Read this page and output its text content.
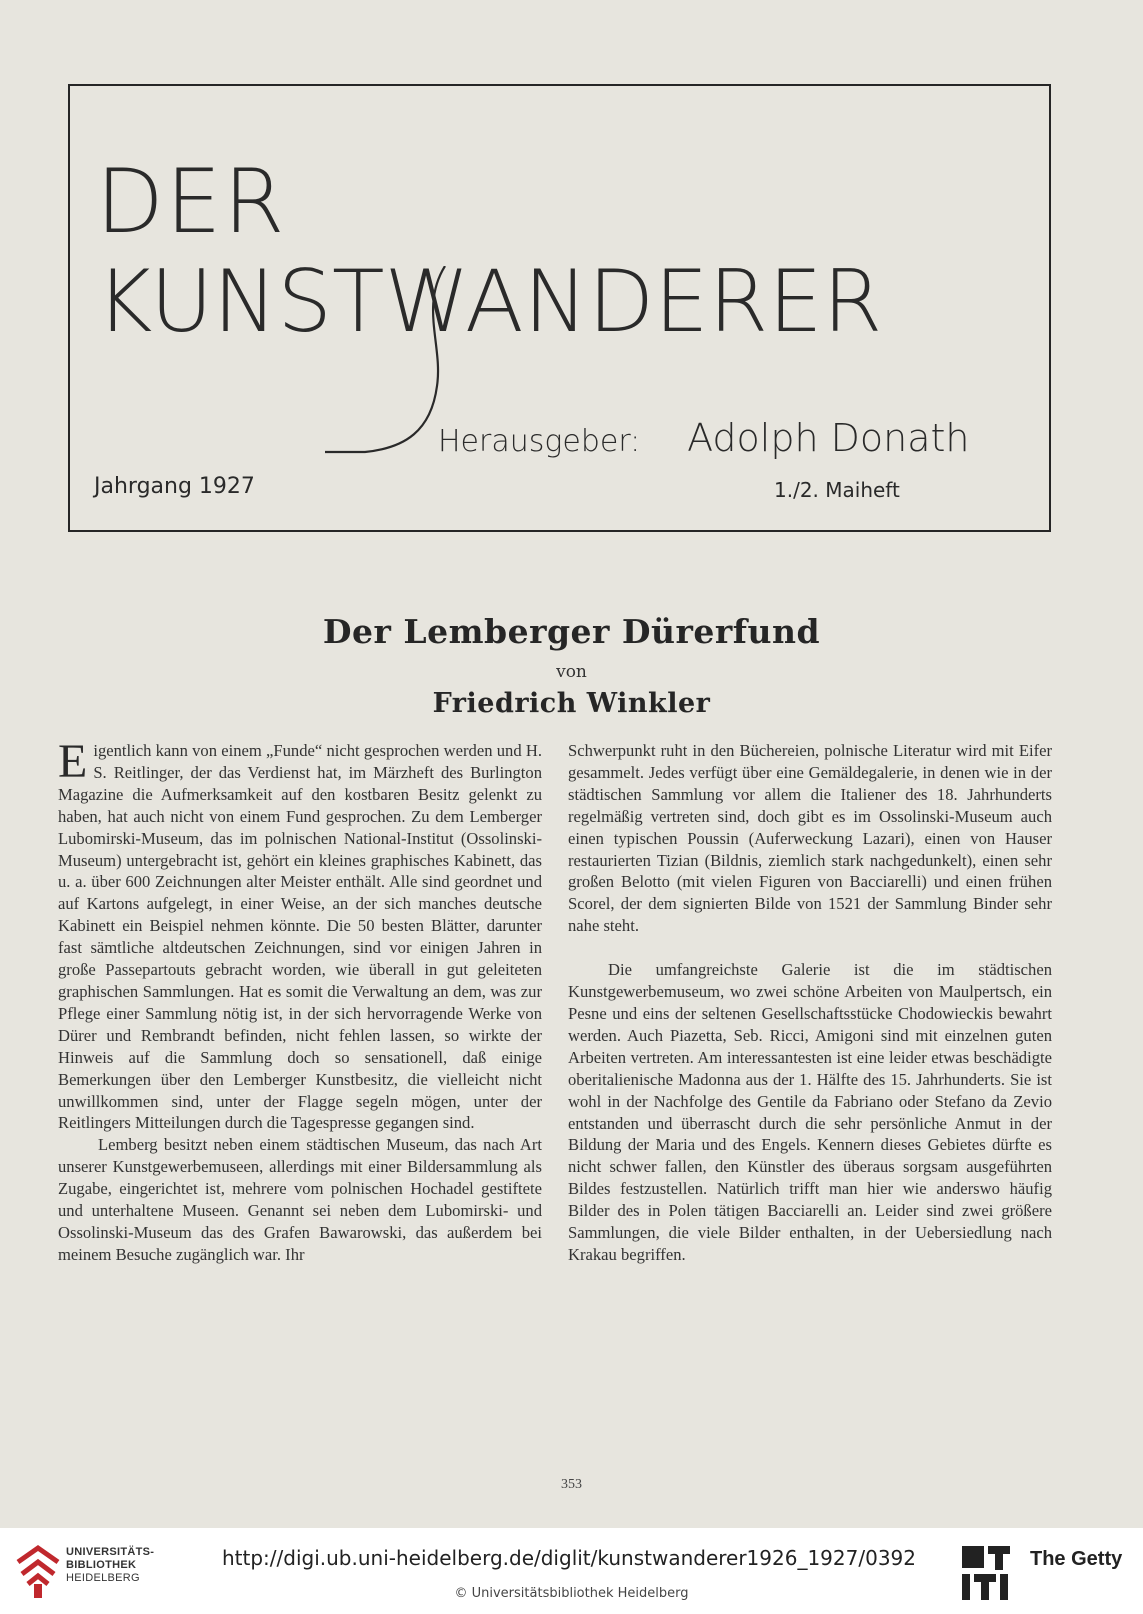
DER
KUNSTWANDERER
Herausgeber: Adolph Donath
Jahrgang 1927	1./2. Maiheft
Der Lemberger Dürerfund
von
Friedrich Winkler

Eigentlich kann von einem „Funde“ nicht gesprochen werden und H. S. Reitlinger, der das Verdienst hat, im Märzheft des Burlington Magazine die Aufmerksamkeit auf den kostbaren Besitz gelenkt zu haben, hat auch nicht von einem Fund gesprochen. Zu dem Lemberger Lubomirski-Museum, das im polnischen National-Institut (Ossolinski-Museum) untergebracht ist, gehört ein kleines graphisches Kabinett, das u. a. über 600 Zeichnungen alter Meister enthält. Alle sind geordnet und auf Kartons aufgelegt, in einer Weise, an der sich manches deutsche Kabinett ein Beispiel nehmen könnte. Die 50 besten Blätter, darunter fast sämtliche altdeutschen Zeichnungen, sind vor einigen Jahren in große Passepartouts gebracht worden, wie überall in gut geleiteten graphischen Sammlungen. Hat es somit die Verwaltung an dem, was zur Pflege einer Sammlung nötig ist, in der sich hervorragende Werke von Dürer und Rembrandt befinden, nicht fehlen lassen, so wirkte der Hinweis auf die Sammlung doch so sensationell, daß einige Bemerkungen über den Lemberger Kunstbesitz, die vielleicht nicht unwillkommen sind, unter der Flagge segeln mögen, unter der Reitlingers Mitteilungen durch die Tagespresse gegangen sind.

Lemberg besitzt neben einem städtischen Museum, das nach Art unserer Kunstgewerbemuseen, allerdings mit einer Bildersammlung als Zugabe, eingerichtet ist, mehrere vom polnischen Hochadel gestiftete und unterhaltene Museen. Genannt sei neben dem Lubomirski- und Ossolinski-Museum das des Grafen Bawarowski, das außerdem bei meinem Besuche zugänglich war. Ihr

Schwerpunkt ruht in den Büchereien, polnische Literatur wird mit Eifer gesammelt. Jedes verfügt über eine Gemäldegalerie, in denen wie in der städtischen Sammlung vor allem die Italiener des 18. Jahrhunderts regelmäßig vertreten sind, doch gibt es im Ossolinski-Museum auch einen typischen Poussin (Auferweckung Lazari), einen von Hauser restaurierten Tizian (Bildnis, ziemlich stark nachgedunkelt), einen sehr großen Belotto (mit vielen Figuren von Bacciarelli) und einen frühen Scorel, der dem signierten Bilde von 1521 der Sammlung Binder sehr nahe steht.

Die umfangreichste Galerie ist die im städtischen Kunstgewerbemuseum, wo zwei schöne Arbeiten von Maulpertsch, ein Pesne und eins der seltenen Gesellschaftsstücke Chodowieckis bewahrt werden. Auch Piazetta, Seb. Ricci, Amigoni sind mit einzelnen guten Arbeiten vertreten. Am interessantesten ist eine leider etwas beschädigte oberitalienische Madonna aus der 1. Hälfte des 15. Jahrhunderts. Sie ist wohl in der Nachfolge des Gentile da Fabriano oder Stefano da Zevio entstanden und überrascht durch die sehr persönliche Anmut in der Bildung der Maria und des Engels. Kennern dieses Gebietes dürfte es nicht schwer fallen, den Künstler des überaus sorgsam ausgeführten Bildes festzustellen. Natürlich trifft man hier wie anderswo häufig Bilder des in Polen tätigen Bacciarelli an. Leider sind zwei größere Sammlungen, die viele Bilder enthalten, in der Uebersiedlung nach Krakau begriffen.

353
UNIVERSITÄTS-
BIBLIOTHEK
HEIDELBERG
http://digi.ub.uni-heidelberg.de/diglit/kunstwanderer1926_1927/0392
© Universitätsbibliothek Heidelberg
The Getty
